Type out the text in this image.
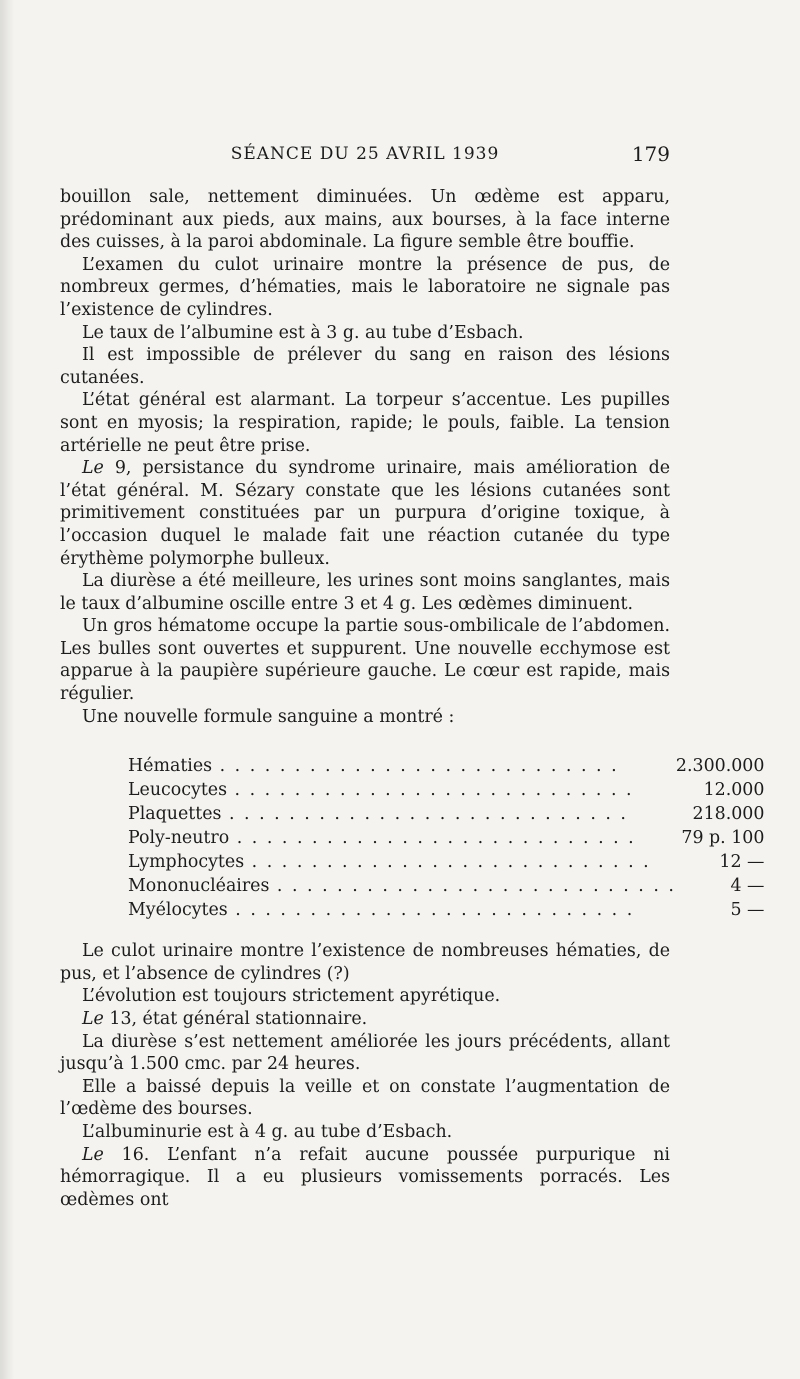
SÉANCE DU 25 AVRIL 1939	179

bouillon sale, nettement diminuées. Un œdème est apparu, prédominant aux pieds, aux mains, aux bourses, à la face interne des cuisses, à la paroi abdominale. La figure semble être bouffie.

L’examen du culot urinaire montre la présence de pus, de nombreux germes, d’hématies, mais le laboratoire ne signale pas l’existence de cylindres.

Le taux de l’albumine est à 3 g. au tube d’Esbach.

Il est impossible de prélever du sang en raison des lésions cutanées.

L’état général est alarmant. La torpeur s’accentue. Les pupilles sont en myosis; la respiration, rapide; le pouls, faible. La tension artérielle ne peut être prise.

Le 9, persistance du syndrome urinaire, mais amélioration de l’état général. M. Sézary constate que les lésions cutanées sont primitivement constituées par un purpura d’origine toxique, à l’occasion duquel le malade fait une réaction cutanée du type érythème polymorphe bulleux.

La diurèse a été meilleure, les urines sont moins sanglantes, mais le taux d’albumine oscille entre 3 et 4 g. Les œdèmes diminuent.

Un gros hématome occupe la partie sous-ombilicale de l’abdomen. Les bulles sont ouvertes et suppurent. Une nouvelle ecchymose est apparue à la paupière supérieure gauche. Le cœur est rapide, mais régulier.

Une nouvelle formule sanguine a montré :

Hématies . . .	2.300.000
Leucocytes . . .	12.000
Plaquettes . . .	218.000
Poly-neutro . . .	79 p. 100
Lymphocytes . . .	12 —
Mononucléaires . . .	4 —
Myélocytes . . .	5 —

Le culot urinaire montre l’existence de nombreuses hématies, de pus, et l’absence de cylindres (?)

L’évolution est toujours strictement apyrétique.

Le 13, état général stationnaire.

La diurèse s’est nettement améliorée les jours précédents, allant jusqu’à 1.500 cmc. par 24 heures.

Elle a baissé depuis la veille et on constate l’augmentation de l’œdème des bourses.

L’albuminurie est à 4 g. au tube d’Esbach.

Le 16. L’enfant n’a refait aucune poussée purpurique ni hémorragique. Il a eu plusieurs vomissements porracés. Les œdèmes ont
